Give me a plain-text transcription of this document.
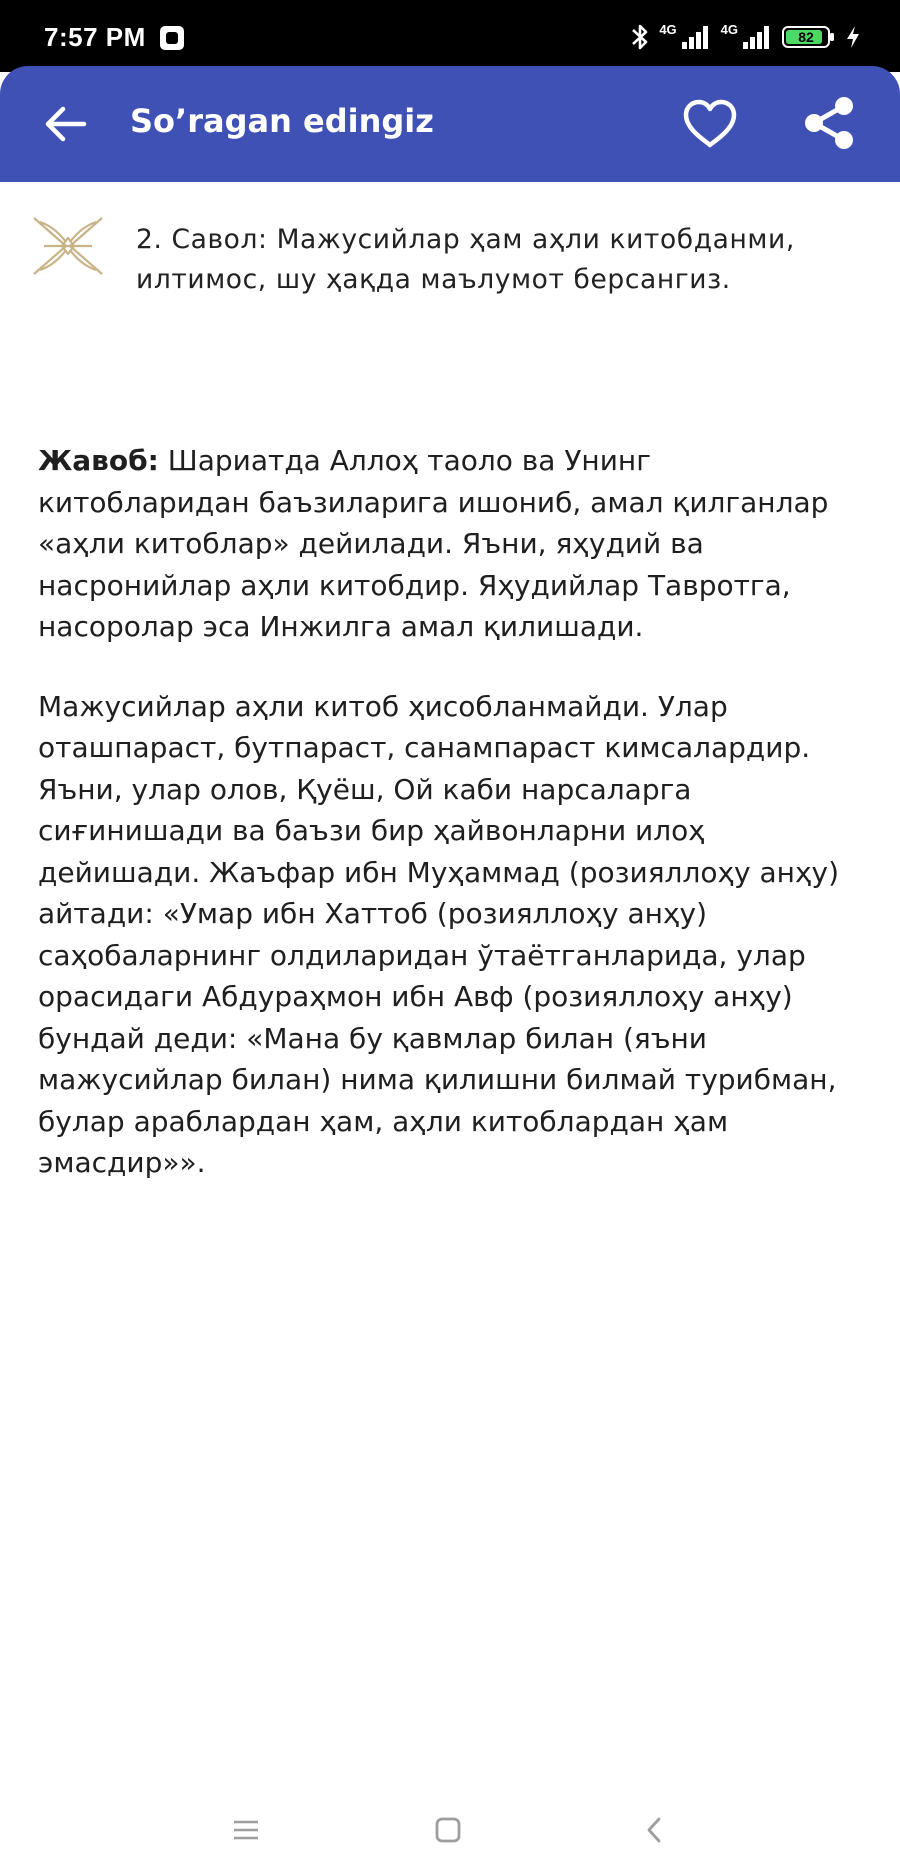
7:57 PM	4G	4G	82
So’ragan edingiz
2. Савол: Мажусийлар ҳам аҳли китобданми, илтимос, шу ҳақда маълумот берсангиз.

Жавоб: Шариатда Аллоҳ таоло ва Унинг китобларидан баъзиларига ишониб, амал қилганлар «аҳли китоблар» дейилади. Яъни, яҳудий ва насронийлар аҳли китобдир. Яҳудийлар Тавротга, насоролар эса Инжилга амал қилишади.

Мажусийлар аҳли китоб ҳисобланмайди. Улар оташпараст, бутпараст, санампараст кимсалардир. Яъни, улар олов, Қуёш, Ой каби нарсаларга сиғинишади ва баъзи бир ҳайвонларни илоҳ дейишади. Жаъфар ибн Муҳаммад (розияллоҳу анҳу) айтади: «Умар ибн Хаттоб (розияллоҳу анҳу) саҳобаларнинг олдиларидан ўтаётганларида, улар орасидаги Абдураҳмон ибн Авф (розияллоҳу анҳу) бундай деди: «Мана бу қавмлар билан (яъни мажусийлар билан) нима қилишни билмай турибман, булар араблардан ҳам, аҳли китоблардан ҳам эмасдир»».
